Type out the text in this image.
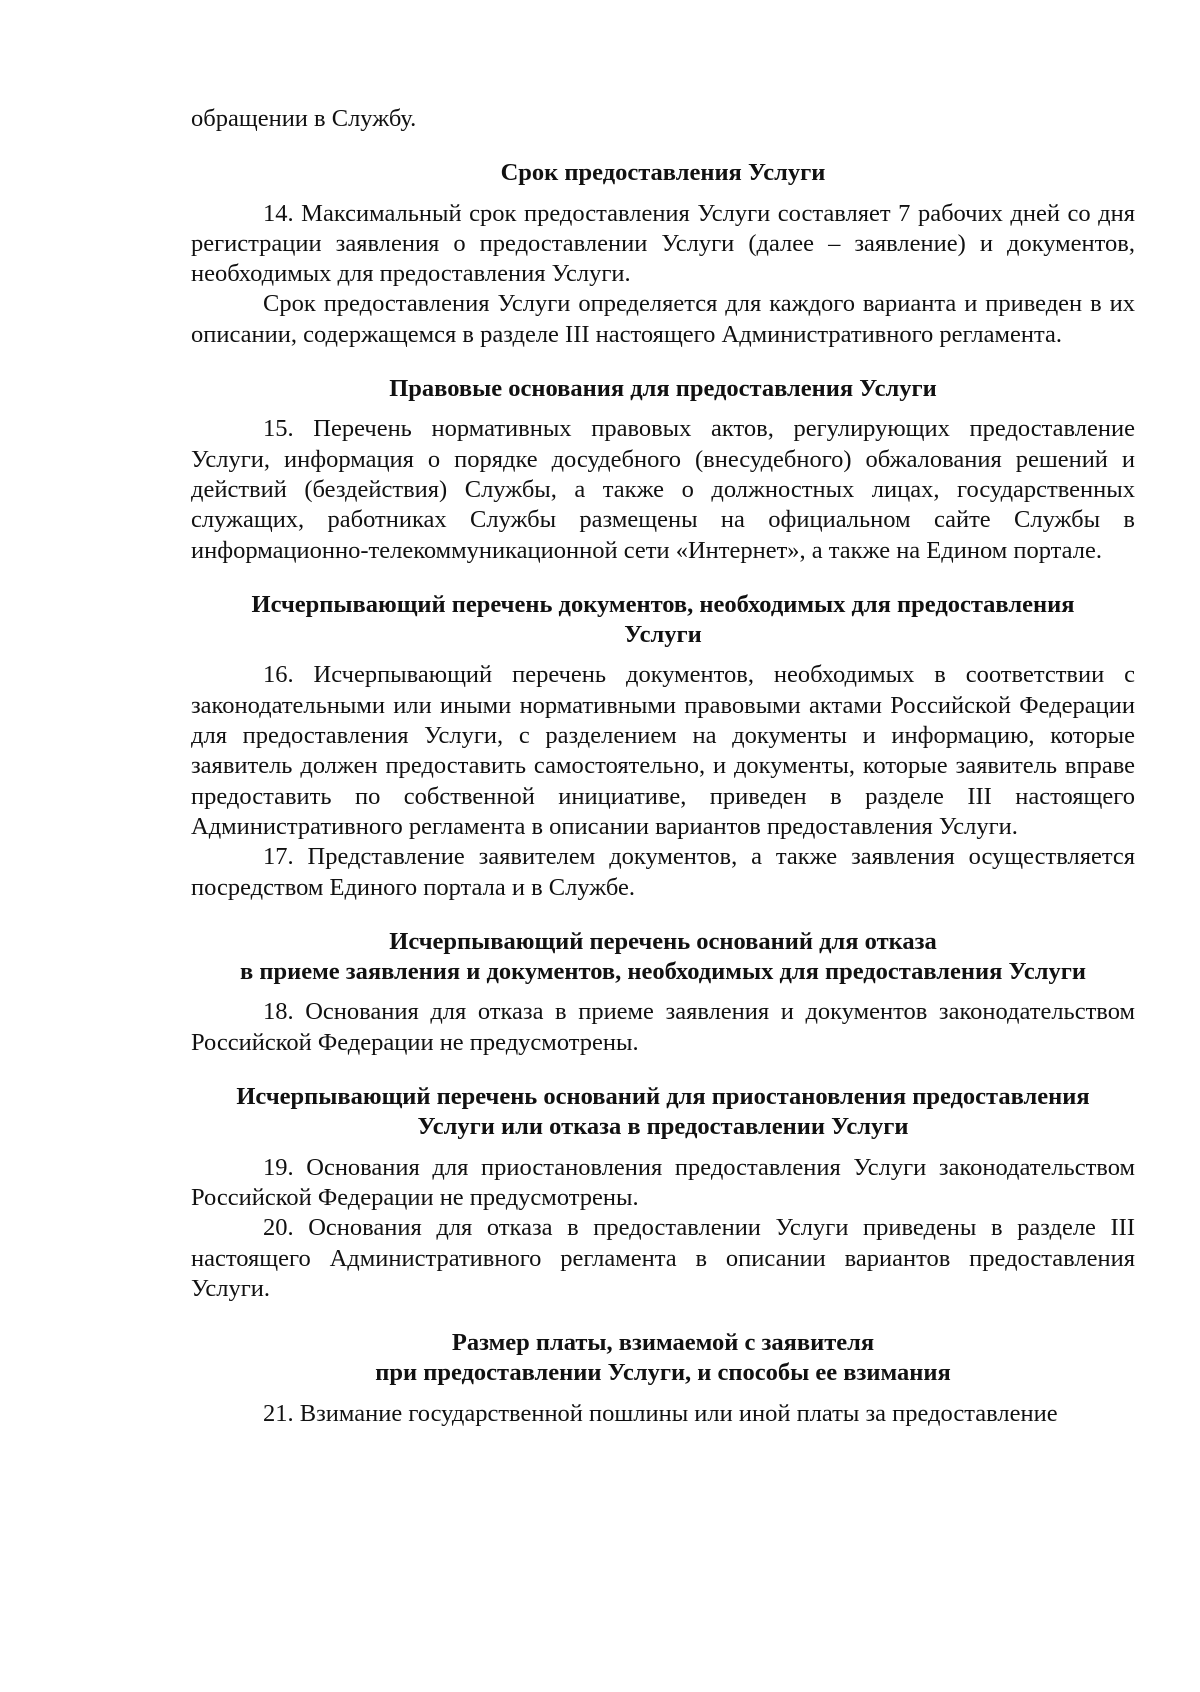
обращении в Службу.

Срок предоставления Услуги

14. Максимальный срок предоставления Услуги составляет 7 рабочих дней со дня регистрации заявления о предоставлении Услуги (далее – заявление) и документов, необходимых для предоставления Услуги.

Срок предоставления Услуги определяется для каждого варианта и приведен в их описании, содержащемся в разделе III настоящего Административного регламента.

Правовые основания для предоставления Услуги

15. Перечень нормативных правовых актов, регулирующих предоставление Услуги, информация о порядке досудебного (внесудебного) обжалования решений и действий (бездействия) Службы, а также о должностных лицах, государственных служащих, работниках Службы размещены на официальном сайте Службы в информационно-телекоммуникационной сети «Интернет», а также на Едином портале.

Исчерпывающий перечень документов, необходимых для предоставления
Услуги

16. Исчерпывающий перечень документов, необходимых в соответствии с законодательными или иными нормативными правовыми актами Российской Федерации для предоставления Услуги, с разделением на документы и информацию, которые заявитель должен предоставить самостоятельно, и документы, которые заявитель вправе предоставить по собственной инициативе, приведен в разделе III настоящего Административного регламента в описании вариантов предоставления Услуги.

17. Представление заявителем документов, а также заявления осуществляется посредством Единого портала и в Службе.

Исчерпывающий перечень оснований для отказа
в приеме заявления и документов, необходимых для предоставления Услуги

18. Основания для отказа в приеме заявления и документов законодательством Российской Федерации не предусмотрены.

Исчерпывающий перечень оснований для приостановления предоставления
Услуги или отказа в предоставлении Услуги

19. Основания для приостановления предоставления Услуги законодательством Российской Федерации не предусмотрены.

20. Основания для отказа в предоставлении Услуги приведены в разделе III настоящего Административного регламента в описании вариантов предоставления Услуги.

Размер платы, взимаемой с заявителя
при предоставлении Услуги, и способы ее взимания

21. Взимание государственной пошлины или иной платы за предоставление
